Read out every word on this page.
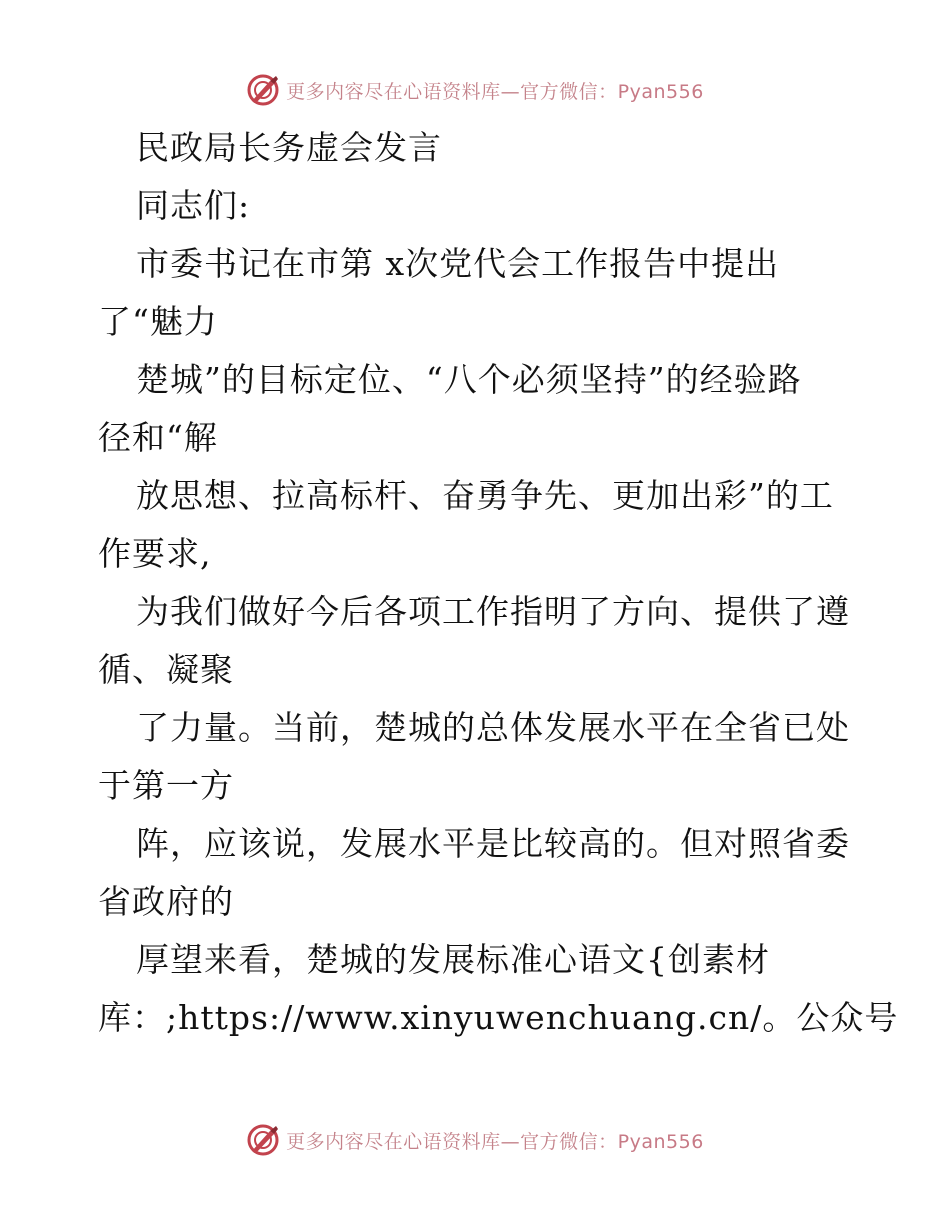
更多内容尽在心语资料库—官方微信：Pyan556
民政局长务虚会发言
同志们:
市委书记在市第 x次党代会工作报告中提出
了“魅力
楚城”的目标定位、“八个必须坚持”的经验路
径和“解
放思想、拉高标杆、奋勇争先、更加出彩”的工
作要求,
为我们做好今后各项工作指明了方向、提供了遵
循、凝聚
了力量。当前，楚城的总体发展水平在全省已处
于第一方
阵，应该说，发展水平是比较高的。但对照省委
省政府的
厚望来看，楚城的发展标准心语文{创素材
库：;https://www.xinyuwenchuang.cn/。公众号
更多内容尽在心语资料库—官方微信：Pyan556
